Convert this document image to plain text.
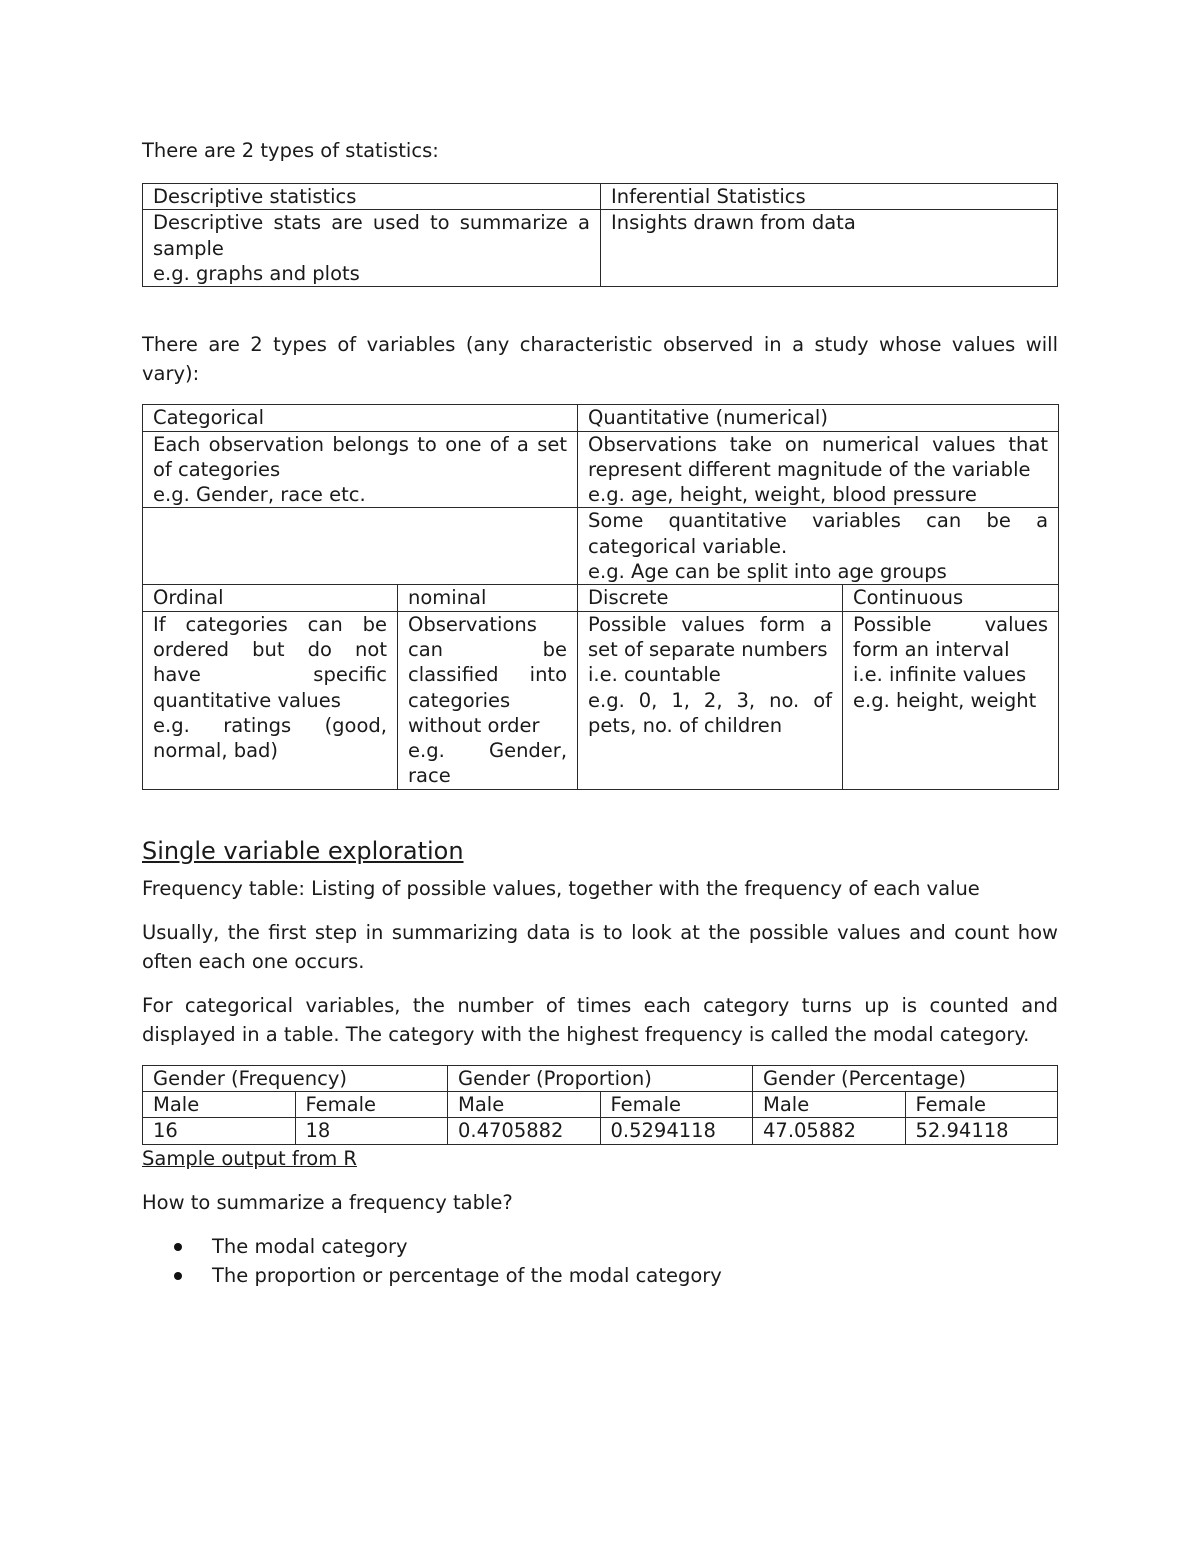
There are 2 types of statistics:

Descriptive statistics	Inferential Statistics

Descriptive stats are used to summarize a sample
e.g. graphs and plots	Insights drawn from data

There are 2 types of variables (any characteristic observed in a study whose values will vary):

Categorical		Quantitative (numerical)	

Each observation belongs to one of a set of categories
e.g. Gender, race etc.		Observations take on numerical values that represent different magnitude of the variable
e.g. age, height, weight, blood pressure	

		Some quantitative variables can be a categorical variable.
e.g. Age can be split into age groups	

Ordinal	nominal	Discrete	Continuous

If categories can be ordered but do not have specific quantitative values
e.g. ratings (good, normal, bad)	Observations can be classified into categories without order
e.g. Gender, race	Possible values form a set of separate numbers
i.e. countable
e.g. 0, 1, 2, 3, no. of pets, no. of children	Possible values form an interval
i.e. infinite values
e.g. height, weight

Single variable exploration

Frequency table: Listing of possible values, together with the frequency of each value

Usually, the first step in summarizing data is to look at the possible values and count how often each one occurs.

For categorical variables, the number of times each category turns up is counted and displayed in a table. The category with the highest frequency is called the modal category.

Gender (Frequency)		Gender (Proportion)		Gender (Percentage)	
Male	Female	Male	Female	Male	Female
16	18	0.4705882	0.5294118	47.05882	52.94118

Sample output from R

How to summarize a frequency table?

The modal category
The proportion or percentage of the modal category
